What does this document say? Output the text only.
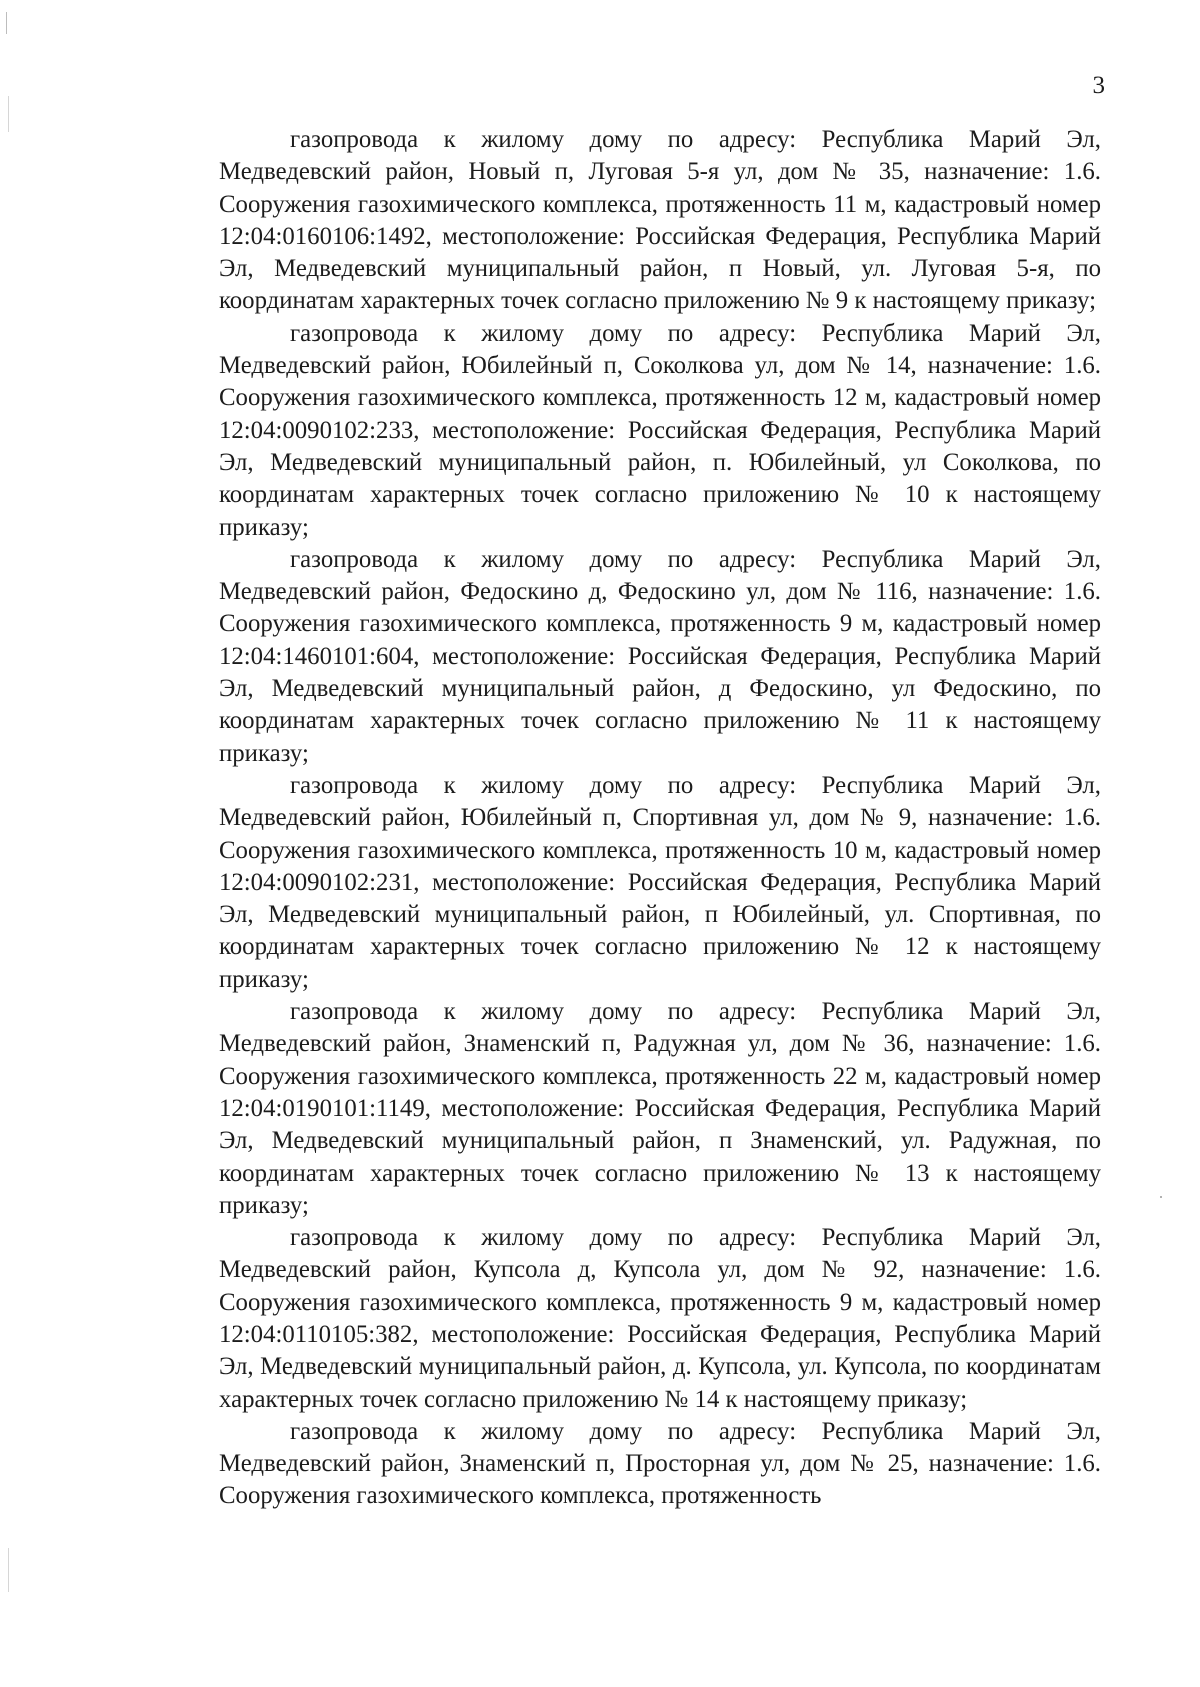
3

газопровода к жилому дому по адресу: Республика Марий Эл, Медведевский район, Новый п, Луговая 5-я ул, дом № 35, назначение: 1.6. Сооружения газохимического комплекса, протяженность 11 м, кадастровый номер 12:04:0160106:1492, местоположение: Российская Федерация, Республика Марий Эл, Медведевский муниципальный район, п Новый, ул. Луговая 5-я, по координатам характерных точек согласно приложению № 9 к настоящему приказу;

газопровода к жилому дому по адресу: Республика Марий Эл, Медведевский район, Юбилейный п, Соколкова ул, дом № 14, назначение: 1.6. Сооружения газохимического комплекса, протяженность 12 м, кадастровый номер 12:04:0090102:233, местоположение: Российская Федерация, Республика Марий Эл, Медведевский муниципальный район, п. Юбилейный, ул Соколкова, по координатам характерных точек согласно приложению № 10 к настоящему приказу;

газопровода к жилому дому по адресу: Республика Марий Эл, Медведевский район, Федоскино д, Федоскино ул, дом № 116, назначение: 1.6. Сооружения газохимического комплекса, протяженность 9 м, кадастровый номер 12:04:1460101:604, местоположение: Российская Федерация, Республика Марий Эл, Медведевский муниципальный район, д Федоскино, ул Федоскино, по координатам характерных точек согласно приложению № 11 к настоящему приказу;

газопровода к жилому дому по адресу: Республика Марий Эл, Медведевский район, Юбилейный п, Спортивная ул, дом № 9, назначение: 1.6. Сооружения газохимического комплекса, протяженность 10 м, кадастровый номер 12:04:0090102:231, местоположение: Российская Федерация, Республика Марий Эл, Медведевский муниципальный район, п Юбилейный, ул. Спортивная, по координатам характерных точек согласно приложению № 12 к настоящему приказу;

газопровода к жилому дому по адресу: Республика Марий Эл, Медведевский район, Знаменский п, Радужная ул, дом № 36, назначение: 1.6. Сооружения газохимического комплекса, протяженность 22 м, кадастровый номер 12:04:0190101:1149, местоположение: Российская Федерация, Республика Марий Эл, Медведевский муниципальный район, п Знаменский, ул. Радужная, по координатам характерных точек согласно приложению № 13 к настоящему приказу;

газопровода к жилому дому по адресу: Республика Марий Эл, Медведевский район, Купсола д, Купсола ул, дом № 92, назначение: 1.6. Сооружения газохимического комплекса, протяженность 9 м, кадастровый номер 12:04:0110105:382, местоположение: Российская Федерация, Республика Марий Эл, Медведевский муниципальный район, д. Купсола, ул. Купсола, по координатам характерных точек согласно приложению № 14 к настоящему приказу;

газопровода к жилому дому по адресу: Республика Марий Эл, Медведевский район, Знаменский п, Просторная ул, дом № 25, назначение: 1.6. Сооружения газохимического комплекса, протяженность
